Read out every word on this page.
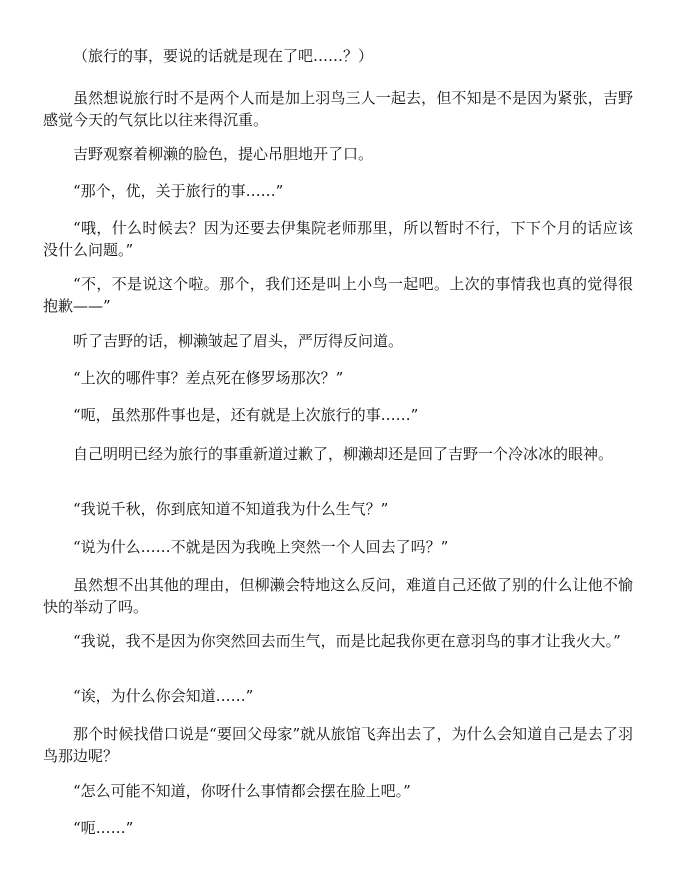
（旅行的事，要说的话就是现在了吧……？）

虽然想说旅行时不是两个人而是加上羽鸟三人一起去，但不知是不是因为紧张，吉野感觉今天的气氛比以往来得沉重。

吉野观察着柳濑的脸色，提心吊胆地开了口。

“那个，优，关于旅行的事……”

“哦，什么时候去？因为还要去伊集院老师那里，所以暂时不行，下下个月的话应该没什么问题。”

“不，不是说这个啦。那个，我们还是叫上小鸟一起吧。上次的事情我也真的觉得很抱歉——”

听了吉野的话，柳濑皱起了眉头，严厉得反问道。

“上次的哪件事？差点死在修罗场那次？”

“呃，虽然那件事也是，还有就是上次旅行的事……”

自己明明已经为旅行的事重新道过歉了，柳濑却还是回了吉野一个冷冰冰的眼神。

“我说千秋，你到底知道不知道我为什么生气？”

“说为什么……不就是因为我晚上突然一个人回去了吗？”

虽然想不出其他的理由，但柳濑会特地这么反问，难道自己还做了别的什么让他不愉快的举动了吗。

“我说，我不是因为你突然回去而生气，而是比起我你更在意羽鸟的事才让我火大。”

“诶，为什么你会知道……”

那个时候找借口说是“要回父母家”就从旅馆飞奔出去了，为什么会知道自己是去了羽鸟那边呢？

“怎么可能不知道，你呀什么事情都会摆在脸上吧。”

“呃……”
